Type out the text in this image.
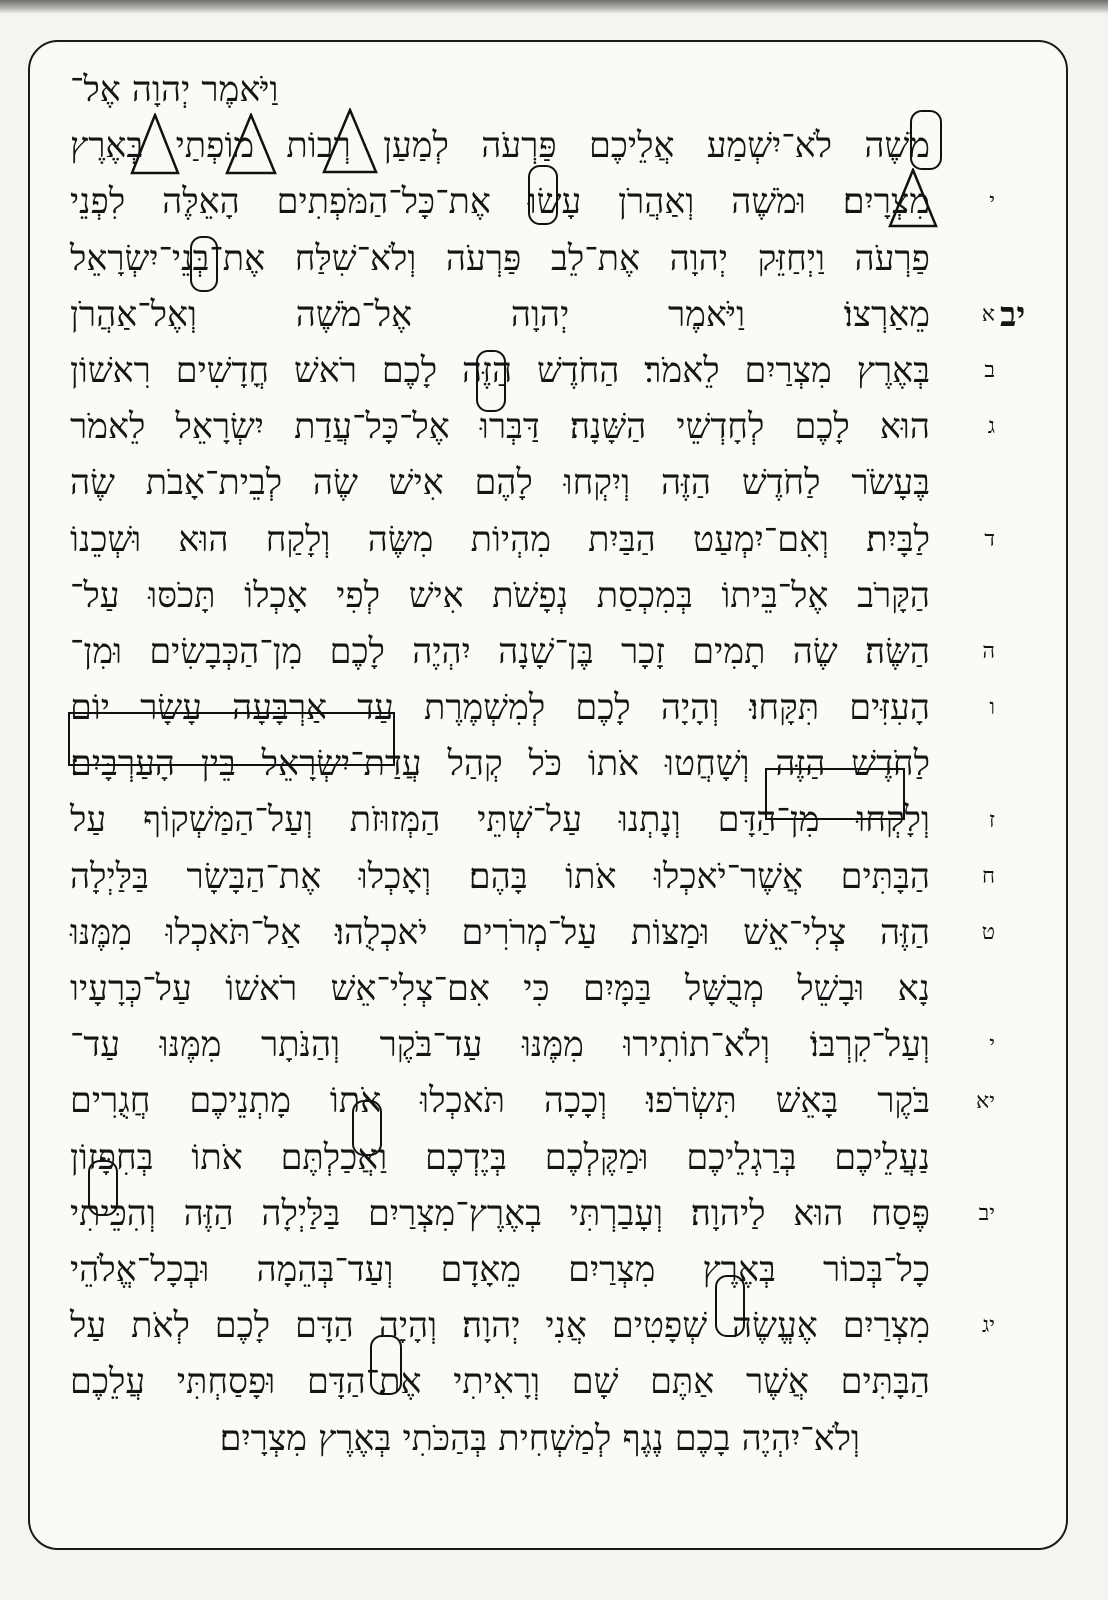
וַיֹּאמֶר יְהוָה אֶל־
מֹשֶׁה לֹא־יִשְׁמַע אֲלֵיכֶם פַּרְעֹה לְמַעַן רְבוֹת מוֹפְתַי בְּאֶרֶץ
מִצְרָיִם׃ וּמֹשֶׁה וְאַהֲרֹן עָשׂוּ אֶת־כָּל־הַמֹּפְתִים הָאֵלֶּה לִפְנֵי
פַרְעֹה וַיְחַזֵּק יְהוָה אֶת־לֵב פַּרְעֹה וְלֹא־שִׁלַּח אֶת־בְּנֵי־יִשְׂרָאֵל
מֵאַרְצוֹ׃ וַיֹּאמֶר יְהוָה אֶל־מֹשֶׁה וְאֶל־אַהֲרֹן
בְּאֶרֶץ מִצְרַיִם לֵאמֹר׃ הַחֹדֶשׁ הַזֶּה לָכֶם רֹאשׁ חֳדָשִׁים רִאשׁוֹן
הוּא לָכֶם לְחָדְשֵׁי הַשָּׁנָה׃ דַּבְּרוּ אֶל־כָּל־עֲדַת יִשְׂרָאֵל לֵאמֹר
בֶּעָשֹׂר לַחֹדֶשׁ הַזֶּה וְיִקְחוּ לָהֶם אִישׁ שֶׂה לְבֵית־אָבֹת שֶׂה
לַבָּיִת׃ וְאִם־יִמְעַט הַבַּיִת מִהְיוֹת מִשֶּׂה וְלָקַח הוּא וּשְׁכֵנוֹ
הַקָּרֹב אֶל־בֵּיתוֹ בְּמִכְסַת נְפָשֹׁת אִישׁ לְפִי אָכְלוֹ תָּכֹסּוּ עַל־
הַשֶּׂה׃ שֶׂה תָמִים זָכָר בֶּן־שָׁנָה יִהְיֶה לָכֶם מִן־הַכְּבָשִׂים וּמִן־
הָעִזִּים תִּקָּחוּ׃ וְהָיָה לָכֶם לְמִשְׁמֶרֶת עַד אַרְבָּעָה עָשָׂר יוֹם
לַחֹדֶשׁ הַזֶּה וְשָׁחֲטוּ אֹתוֹ כֹּל קְהַל עֲדַת־יִשְׂרָאֵל בֵּין הָעַרְבָּיִם׃
וְלָקְחוּ מִן־הַדָּם וְנָתְנוּ עַל־שְׁתֵּי הַמְּזוּזֹת וְעַל־הַמַּשְׁקוֹף עַל
הַבָּתִּים אֲשֶׁר־יֹאכְלוּ אֹתוֹ בָּהֶם׃ וְאָכְלוּ אֶת־הַבָּשָׂר בַּלַּיְלָה
הַזֶּה צְלִי־אֵשׁ וּמַצּוֹת עַל־מְרֹרִים יֹאכְלֻהוּ׃ אַל־תֹּאכְלוּ מִמֶּנּוּ
נָא וּבָשֵׁל מְבֻשָּׁל בַּמָּיִם כִּי אִם־צְלִי־אֵשׁ רֹאשׁוֹ עַל־כְּרָעָיו
וְעַל־קִרְבּוֹ׃ וְלֹא־תוֹתִירוּ מִמֶּנּוּ עַד־בֹּקֶר וְהַנֹּתָר מִמֶּנּוּ עַד־
בֹּקֶר בָּאֵשׁ תִּשְׂרֹפוּ׃ וְכָכָה תֹּאכְלוּ אֹתוֹ מָתְנֵיכֶם חֲגֻרִים
נַעֲלֵיכֶם בְּרַגְלֵיכֶם וּמַקֶּלְכֶם בְּיֶדְכֶם וַאֲכַלְתֶּם אֹתוֹ בְּחִפָּזוֹן
פֶּסַח הוּא לַיהוָה׃ וְעָבַרְתִּי בְאֶרֶץ־מִצְרַיִם בַּלַּיְלָה הַזֶּה וְהִכֵּיתִי
כָל־בְּכוֹר בְּאֶרֶץ מִצְרַיִם מֵאָדָם וְעַד־בְּהֵמָה וּבְכָל־אֱלֹהֵי
מִצְרַיִם אֶעֱשֶׂה שְׁפָטִים אֲנִי יְהוָה׃ וְהָיָה הַדָּם לָכֶם לְאֹת עַל
הַבָּתִּים אֲשֶׁר אַתֶּם שָׁם וְרָאִיתִי אֶת־הַדָּם וּפָסַחְתִּי עֲלֵכֶם
וְלֹא־יִהְיֶה בָכֶם נֶגֶף לְמַשְׁחִית בְּהַכֹּתִי בְּאֶרֶץ מִצְרָיִם׃
יב
י
א
ב
ג
ד
ה
ו
ז
ח
ט
י
יא
יב
יג
